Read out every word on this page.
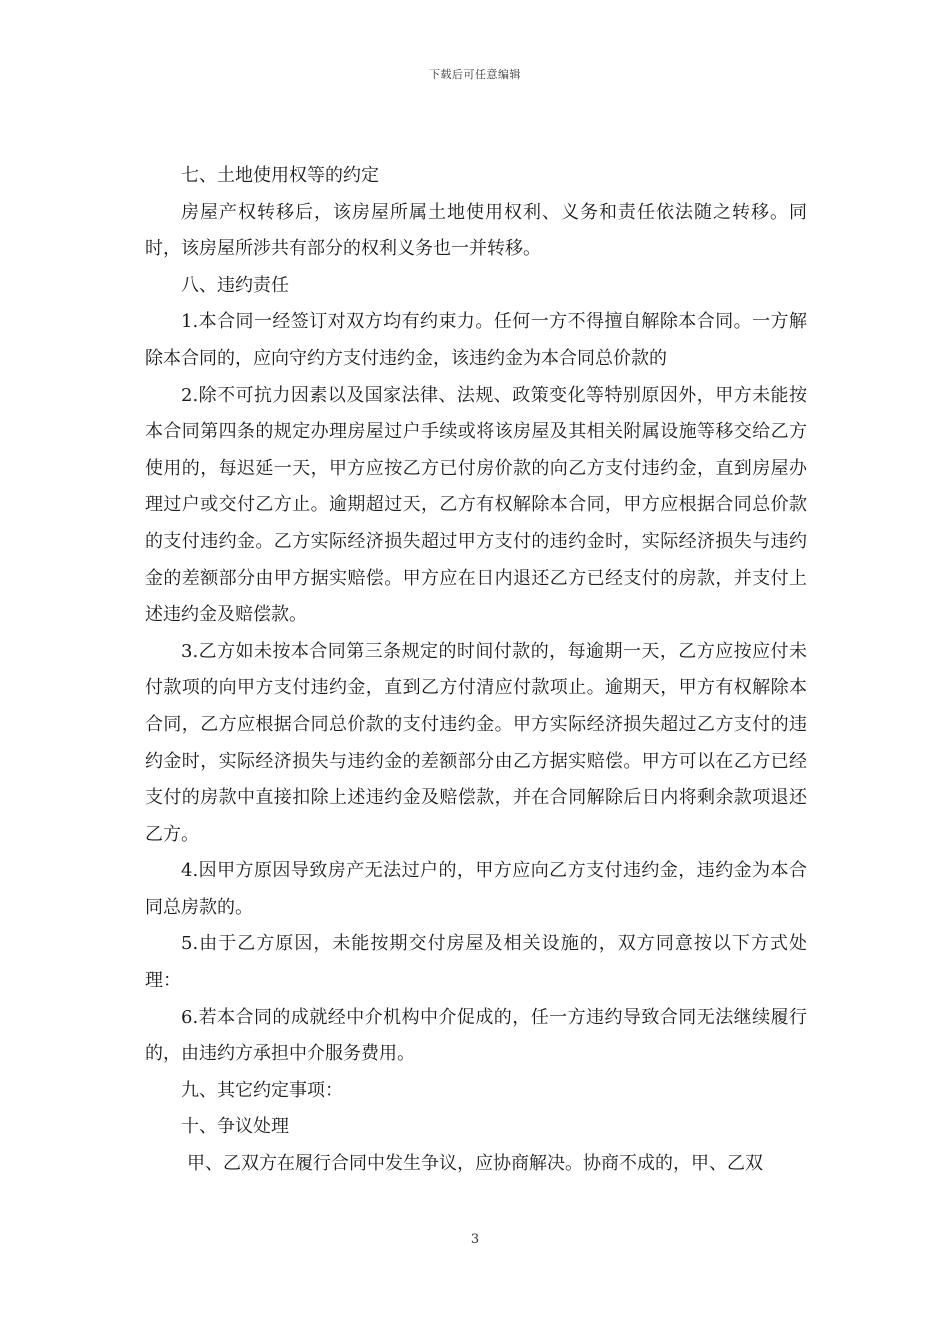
下载后可任意编辑

七、土地使用权等的约定

房屋产权转移后，该房屋所属土地使用权利、义务和责任依法随之转移。同时，该房屋所涉共有部分的权利义务也一并转移。

八、违约责任

1.本合同一经签订对双方均有约束力。任何一方不得擅自解除本合同。一方解除本合同的，应向守约方支付违约金，该违约金为本合同总价款的

2.除不可抗力因素以及国家法律、法规、政策变化等特别原因外，甲方未能按本合同第四条的规定办理房屋过户手续或将该房屋及其相关附属设施等移交给乙方使用的，每迟延一天，甲方应按乙方已付房价款的向乙方支付违约金，直到房屋办理过户或交付乙方止。逾期超过天，乙方有权解除本合同，甲方应根据合同总价款的支付违约金。乙方实际经济损失超过甲方支付的违约金时，实际经济损失与违约金的差额部分由甲方据实赔偿。甲方应在日内退还乙方已经支付的房款，并支付上述违约金及赔偿款。

3.乙方如未按本合同第三条规定的时间付款的，每逾期一天，乙方应按应付未付款项的向甲方支付违约金，直到乙方付清应付款项止。逾期天，甲方有权解除本合同，乙方应根据合同总价款的支付违约金。甲方实际经济损失超过乙方支付的违约金时，实际经济损失与违约金的差额部分由乙方据实赔偿。甲方可以在乙方已经支付的房款中直接扣除上述违约金及赔偿款，并在合同解除后日内将剩余款项退还乙方。

4.因甲方原因导致房产无法过户的，甲方应向乙方支付违约金，违约金为本合同总房款的。

5.由于乙方原因，未能按期交付房屋及相关设施的，双方同意按以下方式处理：

6.若本合同的成就经中介机构中介促成的，任一方违约导致合同无法继续履行的，由违约方承担中介服务费用。

九、其它约定事项：

十、争议处理

甲、乙双方在履行合同中发生争议，应协商解决。协商不成的，甲、乙双

3
